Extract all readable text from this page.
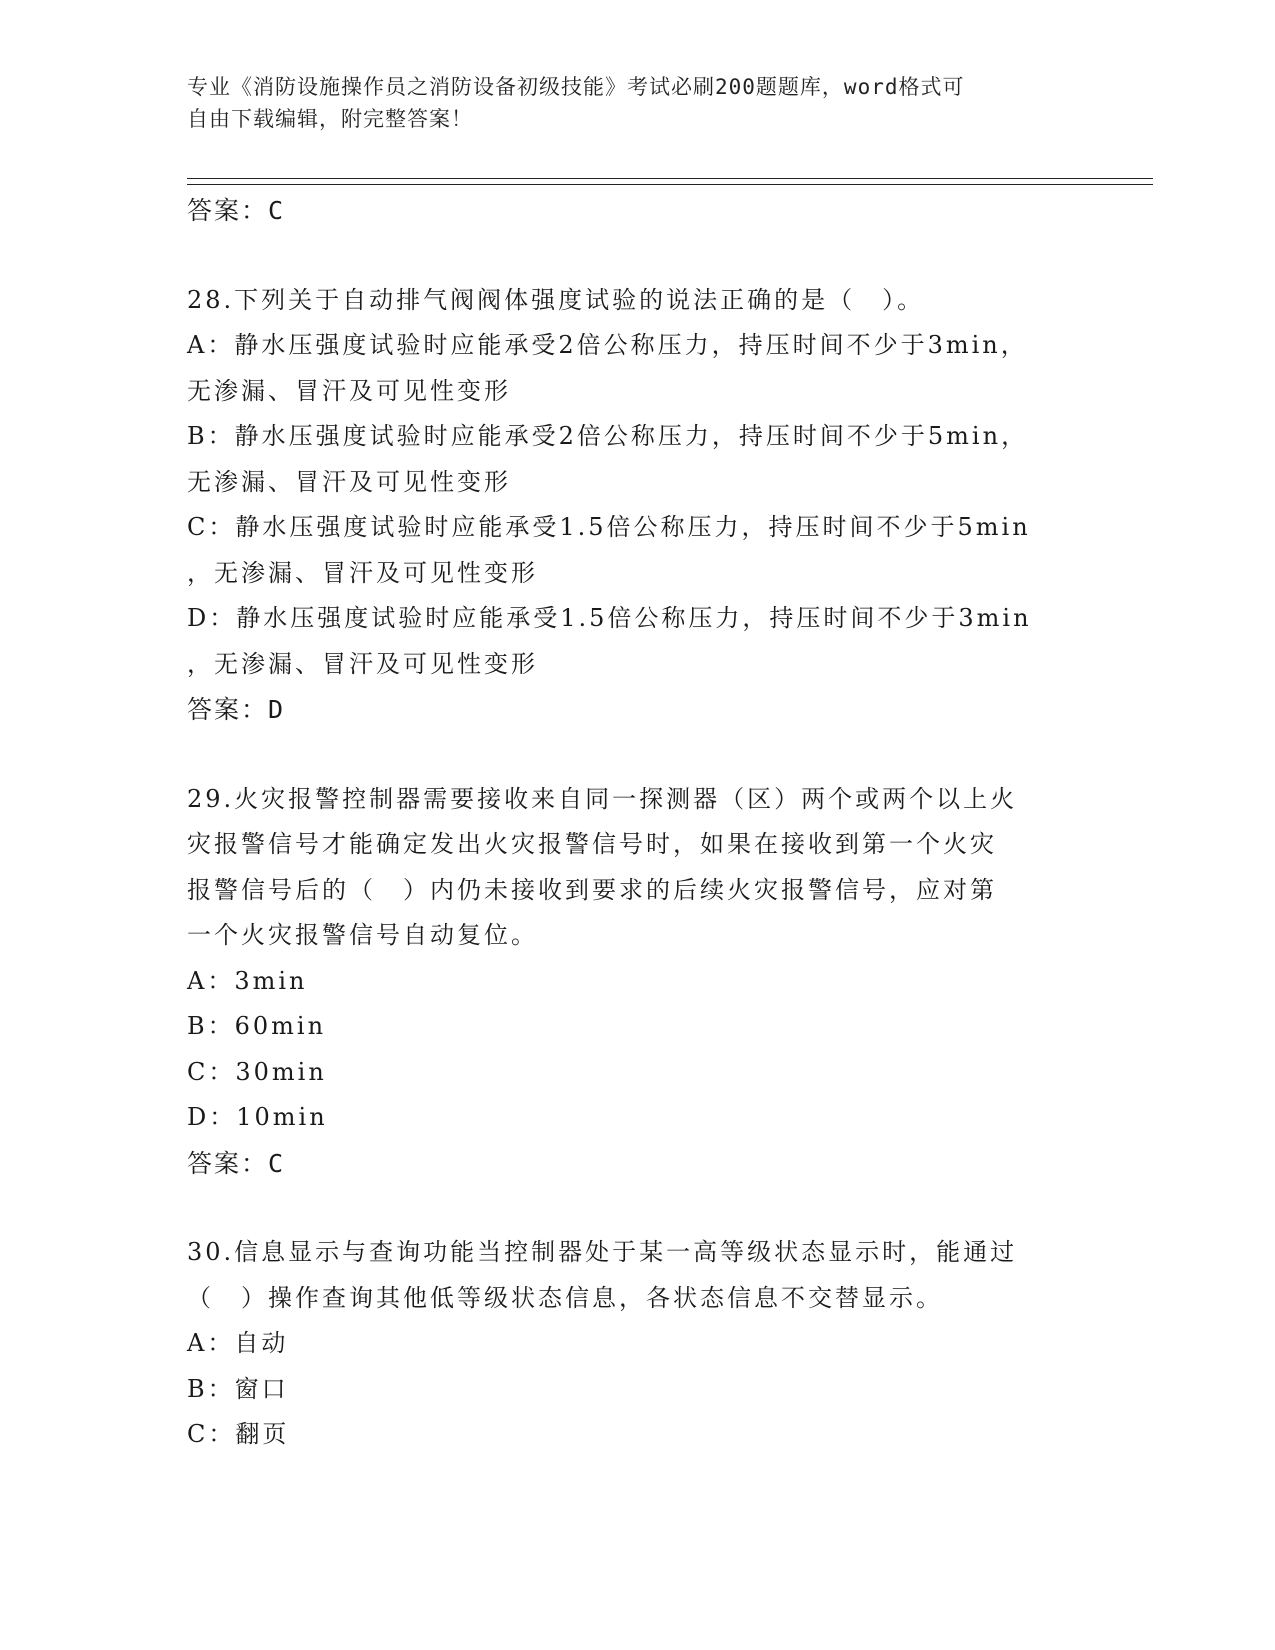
专业《消防设施操作员之消防设备初级技能》考试必刷200题题库，word格式可
自由下载编辑，附完整答案！
答案：C
28.下列关于自动排气阀阀体强度试验的说法正确的是（　）。
A：静水压强度试验时应能承受2倍公称压力，持压时间不少于3min，
无渗漏、冒汗及可见性变形
B：静水压强度试验时应能承受2倍公称压力，持压时间不少于5min，
无渗漏、冒汗及可见性变形
C：静水压强度试验时应能承受1.5倍公称压力，持压时间不少于5min
，无渗漏、冒汗及可见性变形
D：静水压强度试验时应能承受1.5倍公称压力，持压时间不少于3min
，无渗漏、冒汗及可见性变形
答案：D
29.火灾报警控制器需要接收来自同一探测器（区）两个或两个以上火
灾报警信号才能确定发出火灾报警信号时，如果在接收到第一个火灾
报警信号后的（　）内仍未接收到要求的后续火灾报警信号，应对第
一个火灾报警信号自动复位。
A：3min
B：60min
C：30min
D：10min
答案：C
30.信息显示与查询功能当控制器处于某一高等级状态显示时，能通过
（　）操作查询其他低等级状态信息，各状态信息不交替显示。
A：自动
B：窗口
C：翻页
